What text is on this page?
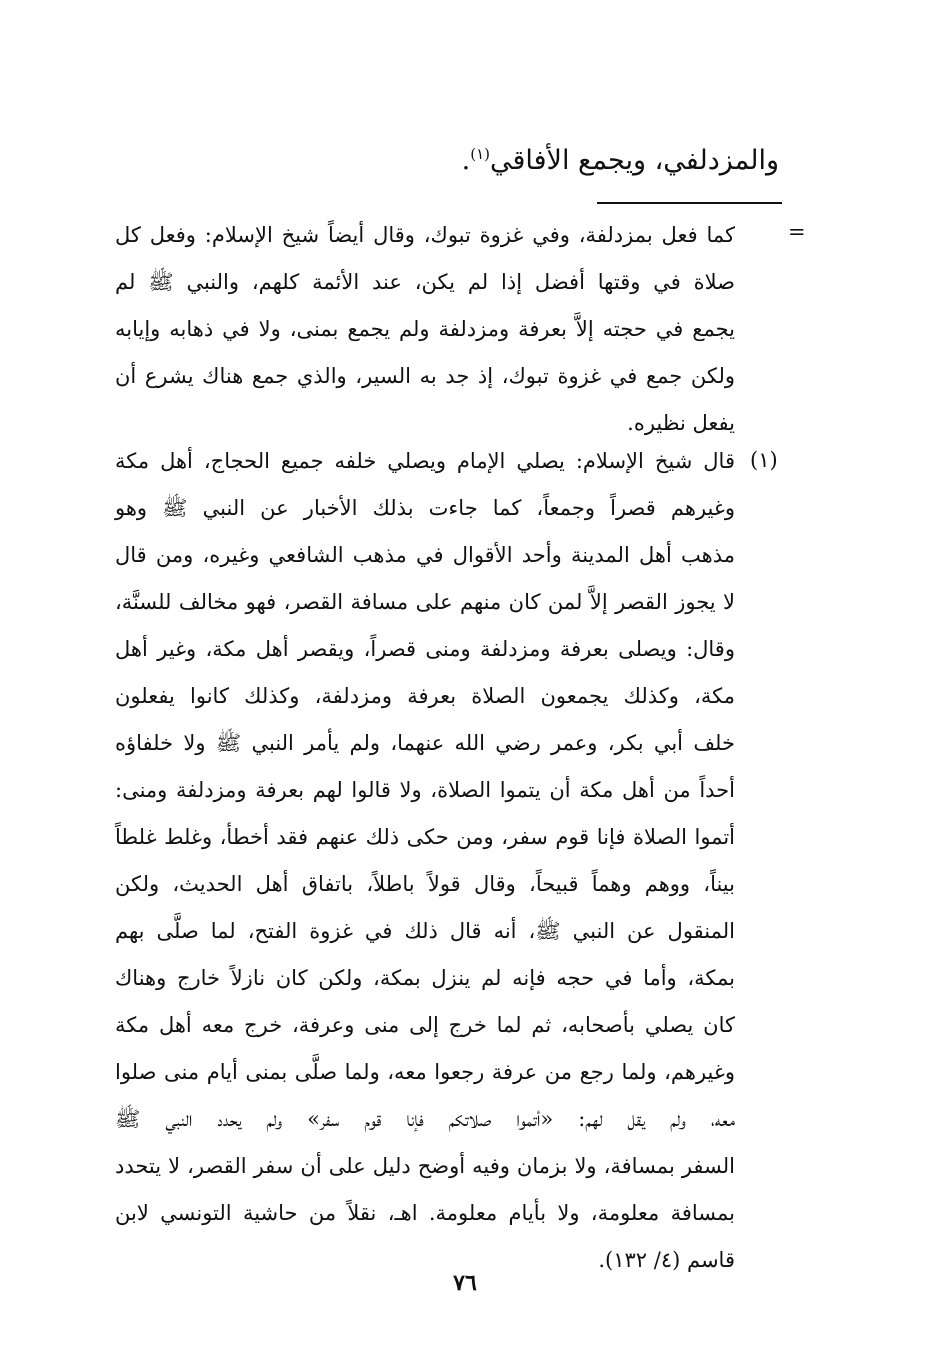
والمزدلفي، ويجمع الأفاقي$^{(١)}$.
=
كما فعل بمزدلفة، وفي غزوة تبوك، وقال أيضاً شيخ الإسلام: وفعل كل
صلاة في وقتها أفضل إذا لم يكن، عند الأئمة كلهم، والنبي ﷺ لم
يجمع في حجته إلاَّ بعرفة ومزدلفة ولم يجمع بمنى، ولا في ذهابه وإيابه
ولكن جمع في غزوة تبوك، إذ جد به السير، والذي جمع هناك يشرع أن
يفعل نظيره.
(١)
قال شيخ الإسلام: يصلي الإمام ويصلي خلفه جميع الحجاج، أهل مكة
وغيرهم قصراً وجمعاً، كما جاءت بذلك الأخبار عن النبي ﷺ وهو
مذهب أهل المدينة وأحد الأقوال في مذهب الشافعي وغيره، ومن قال
لا يجوز القصر إلاَّ لمن كان منهم على مسافة القصر، فهو مخالف للسنَّة،
وقال: ويصلى بعرفة ومزدلفة ومنى قصراً، ويقصر أهل مكة، وغير أهل
مكة، وكذلك يجمعون الصلاة بعرفة ومزدلفة، وكذلك كانوا يفعلون
خلف أبي بكر، وعمر رضي الله عنهما، ولم يأمر النبي ﷺ ولا خلفاؤه
أحداً من أهل مكة أن يتموا الصلاة، ولا قالوا لهم بعرفة ومزدلفة ومنى:
أتموا الصلاة فإنا قوم سفر، ومن حكى ذلك عنهم فقد أخطأ، وغلط غلطاً
بيناً، ووهم وهماً قبيحاً، وقال قولاً باطلاً، باتفاق أهل الحديث، ولكن
المنقول عن النبي ﷺ، أنه قال ذلك في غزوة الفتح، لما صلَّى بهم
بمكة، وأما في حجه فإنه لم ينزل بمكة، ولكن كان نازلاً خارج وهناك
كان يصلي بأصحابه، ثم لما خرج إلى منى وعرفة، خرج معه أهل مكة
وغيرهم، ولما رجع من عرفة رجعوا معه، ولما صلَّى بمنى أيام منى صلوا
معه، ولم يقل لهم: «أتموا صلاتكم فإنا قوم سفر» ولم يحدد النبي ﷺ
السفر بمسافة، ولا بزمان وفيه أوضح دليل على أن سفر القصر، لا يتحدد
بمسافة معلومة، ولا بأيام معلومة. اهـ، نقلاً من حاشية التونسي لابن
قاسم (٤/ ١٣٢).
٧٦
